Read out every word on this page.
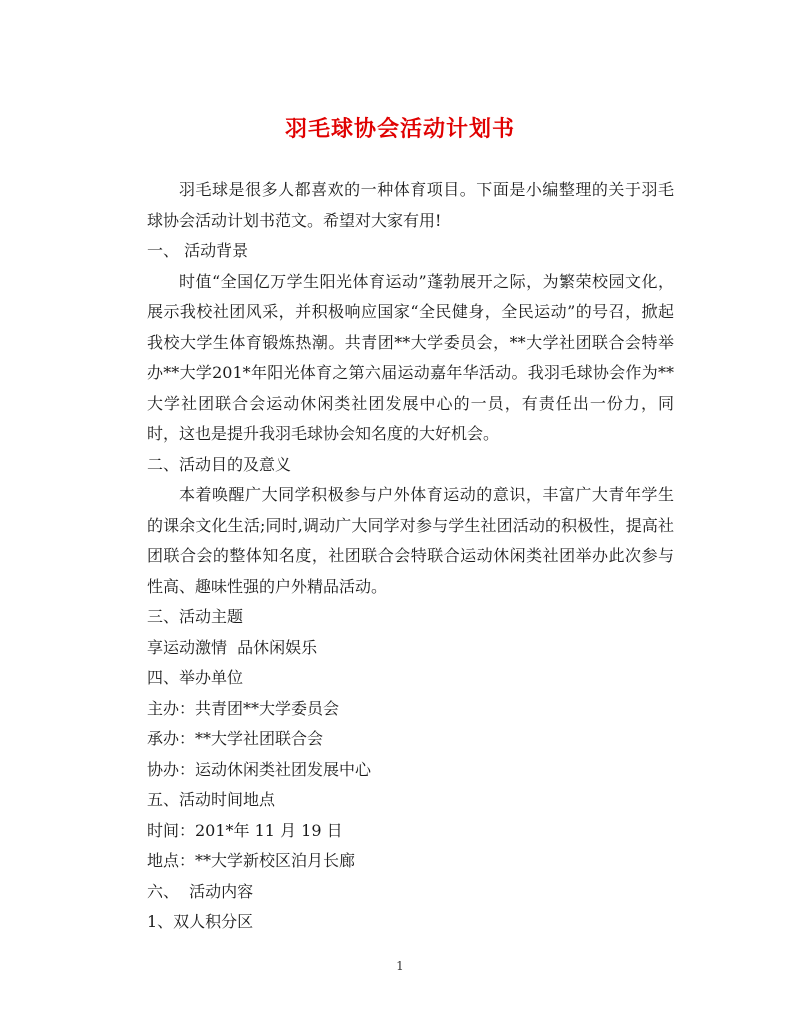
羽毛球协会活动计划书

羽毛球是很多人都喜欢的一种体育项目。下面是小编整理的关于羽毛球协会活动计划书范文。希望对大家有用!

一、 活动背景

时值“全国亿万学生阳光体育运动”蓬勃展开之际，为繁荣校园文化，展示我校社团风采，并积极响应国家“全民健身，全民运动”的号召，掀起我校大学生体育锻炼热潮。共青团**大学委员会，**大学社团联合会特举办**大学201*年阳光体育之第六届运动嘉年华活动。我羽毛球协会作为**大学社团联合会运动休闲类社团发展中心的一员，有责任出一份力，同时，这也是提升我羽毛球协会知名度的大好机会。

二、活动目的及意义

本着唤醒广大同学积极参与户外体育运动的意识，丰富广大青年学生的课余文化生活;同时,调动广大同学对参与学生社团活动的积极性，提高社团联合会的整体知名度，社团联合会特联合运动休闲类社团举办此次参与性高、趣味性强的户外精品活动。

三、活动主题

享运动激情  品休闲娱乐

四、举办单位

主办：共青团**大学委员会

承办：**大学社团联合会

协办：运动休闲类社团发展中心

五、活动时间地点

时间：201*年 11 月 19 日

地点：**大学新校区泊月长廊

六、  活动内容

1、双人积分区

1
